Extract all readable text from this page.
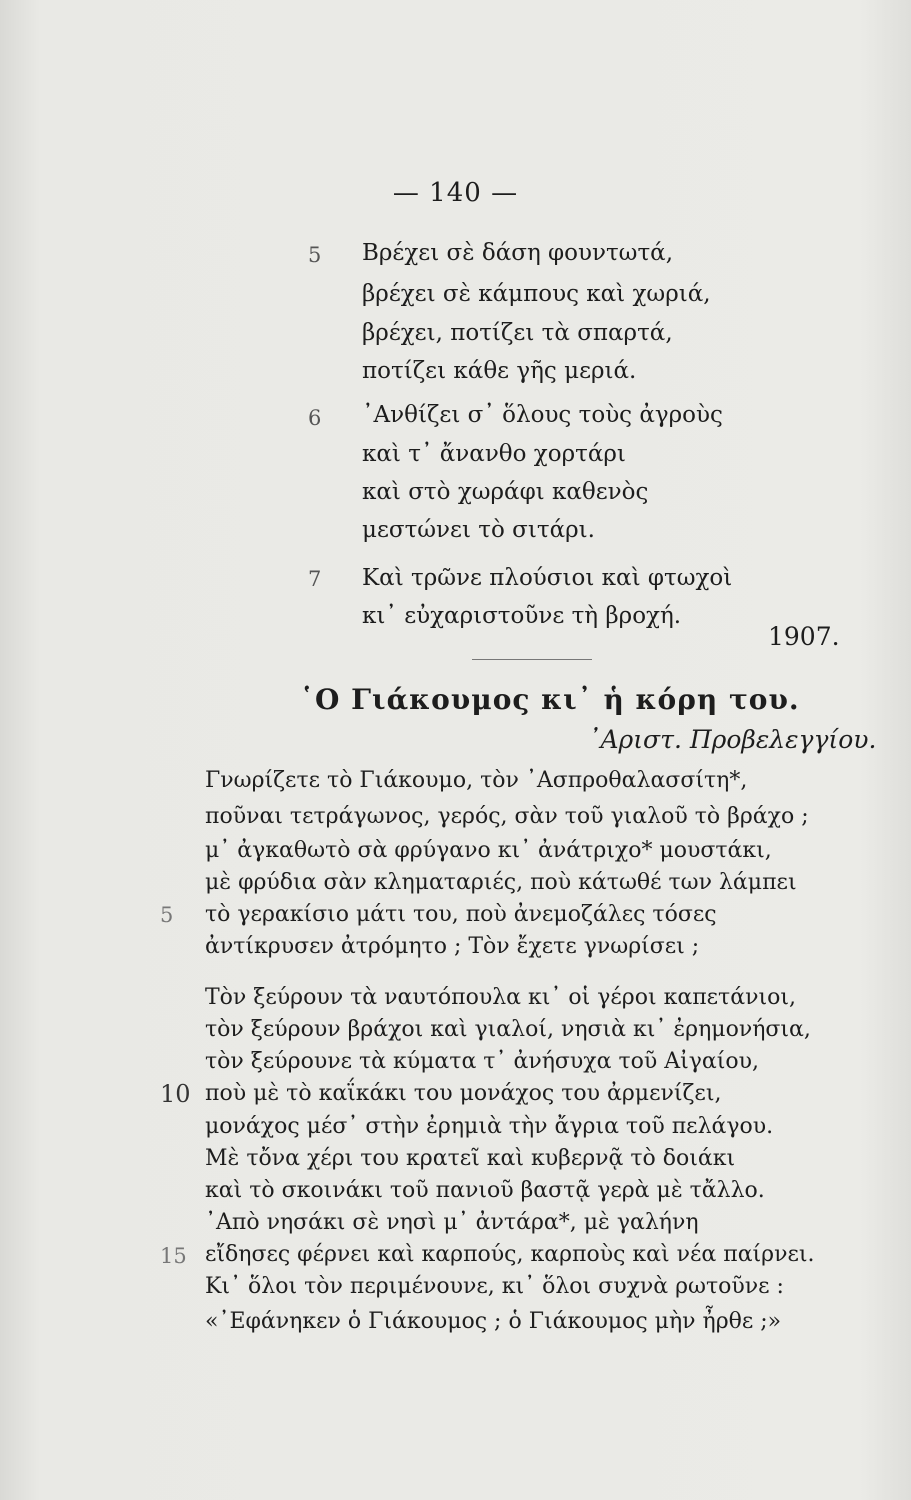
— 140 —
5 Βρέχει σὲ δάση φουντωτά,
βρέχει σὲ κάμπους καὶ χωριά,
βρέχει, ποτίζει τὰ σπαρτά,
ποτίζει κάθε γῆς μεριά.
6 ᾿Ανθίζει σ᾿ ὅλους τοὺς ἀγροὺς
καὶ τ᾿ ἄνανθο χορτάρι
καὶ στὸ χωράφι καθενὸς
μεστώνει τὸ σιτάρι.
7 Καὶ τρῶνε πλούσιοι καὶ φτωχοὶ
κι᾿ εὐχαριστοῦνε τὴ βροχή.
1907.
῾Ο Γιάκουμος κι᾿ ἡ κόρη του.
᾿Αριστ. Προβελεγγίου.
Γνωρίζετε τὸ Γιάκουμο, τὸν ᾿Ασπροθαλασσίτη*,
ποῦναι τετράγωνος, γερός, σὰν τοῦ γιαλοῦ τὸ βράχο ;
μ᾿ ἀγκαθωτὸ σὰ φρύγανο κι᾿ ἀνάτριχο* μουστάκι,
μὲ φρύδια σὰν κληματαριές, ποὺ κάτωθέ των λάμπει
5 τὸ γερακίσιο μάτι του, ποὺ ἀνεμοζάλες τόσες
ἀντίκρυσεν ἀτρόμητο ; Τὸν ἔχετε γνωρίσει ;
Τὸν ξεύρουν τὰ ναυτόπουλα κι᾿ οἱ γέροι καπετάνιοι,
τὸν ξεύρουν βράχοι καὶ γιαλοί, νησιὰ κι᾿ ἐρημονήσια,
τὸν ξεύρουνε τὰ κύματα τ᾿ ἀνήσυχα τοῦ Αἰγαίου,
10 ποὺ μὲ τὸ καΐκάκι του μονάχος του ἀρμενίζει,
μονάχος μέσ᾿ στὴν ἐρημιὰ τὴν ἄγρια τοῦ πελάγου.
Μὲ τὄνα χέρι του κρατεῖ καὶ κυβερνᾷ τὸ δοιάκι
καὶ τὸ σκοινάκι τοῦ πανιοῦ βαστᾷ γερὰ μὲ τἄλλο.
᾿Απὸ νησάκι σὲ νησὶ μ᾿ ἀντάρα*, μὲ γαλήνη
15 εἴδησες φέρνει καὶ καρπούς, καρποὺς καὶ νέα παίρνει.
Κι᾿ ὅλοι τὸν περιμένουνε, κι᾿ ὅλοι συχνὰ ρωτοῦνε :
«᾿Εφάνηκεν ὁ Γιάκουμος ; ὁ Γιάκουμος μὴν ἦρθε ;»
